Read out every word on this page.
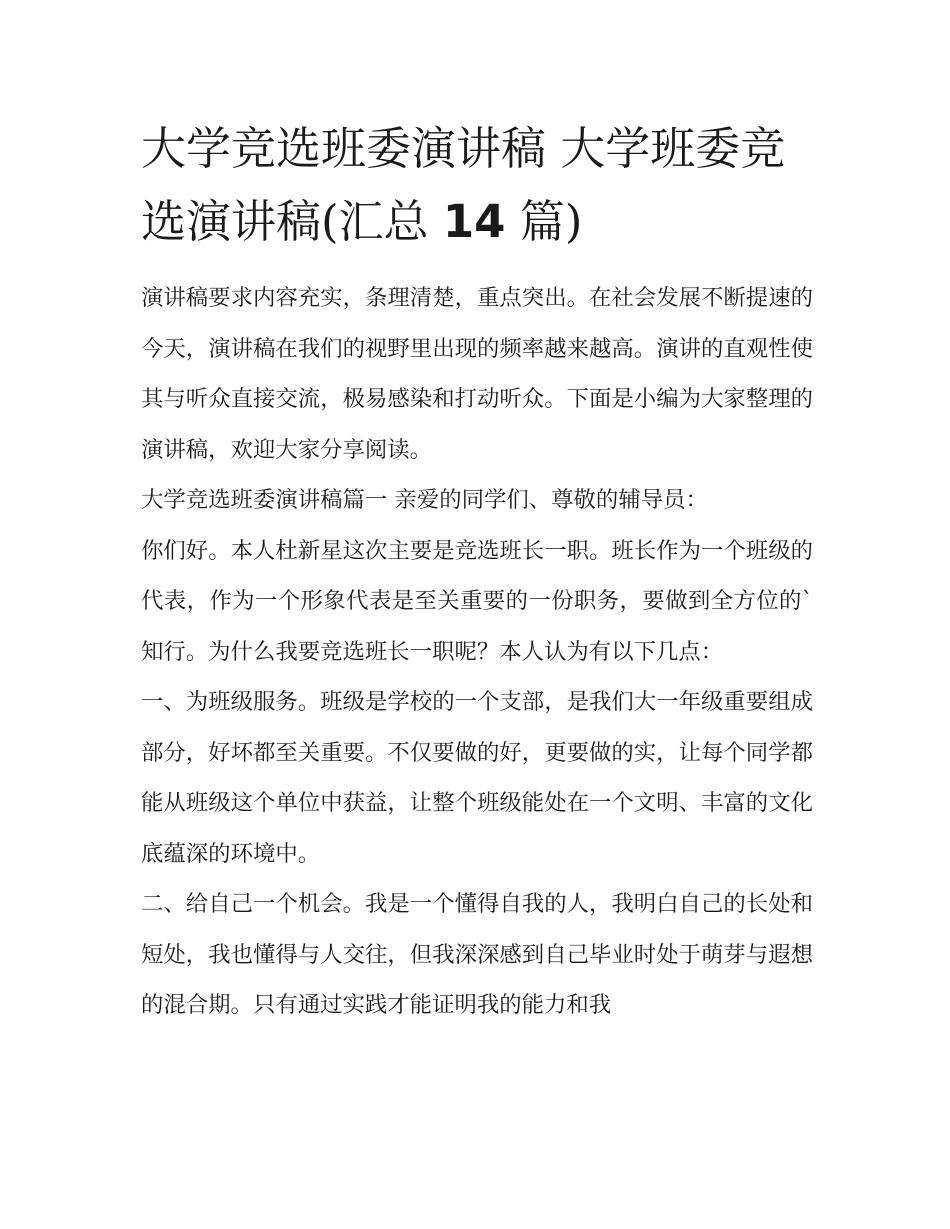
大学竞选班委演讲稿 大学班委竞选演讲稿(汇总 14 篇)

演讲稿要求内容充实，条理清楚，重点突出。在社会发展不断提速的今天，演讲稿在我们的视野里出现的频率越来越高。演讲的直观性使其与听众直接交流，极易感染和打动听众。下面是小编为大家整理的演讲稿，欢迎大家分享阅读。

大学竞选班委演讲稿篇一 亲爱的同学们、尊敬的辅导员：

你们好。本人杜新星这次主要是竞选班长一职。班长作为一个班级的代表，作为一个形象代表是至关重要的一份职务，要做到全方位的`知行。为什么我要竞选班长一职呢？本人认为有以下几点：

一、为班级服务。班级是学校的一个支部，是我们大一年级重要组成部分，好坏都至关重要。不仅要做的好，更要做的实，让每个同学都能从班级这个单位中获益，让整个班级能处在一个文明、丰富的文化底蕴深的环境中。

二、给自己一个机会。我是一个懂得自我的人，我明白自己的长处和短处，我也懂得与人交往，但我深深感到自己毕业时处于萌芽与遐想的混合期。只有通过实践才能证明我的能力和我
